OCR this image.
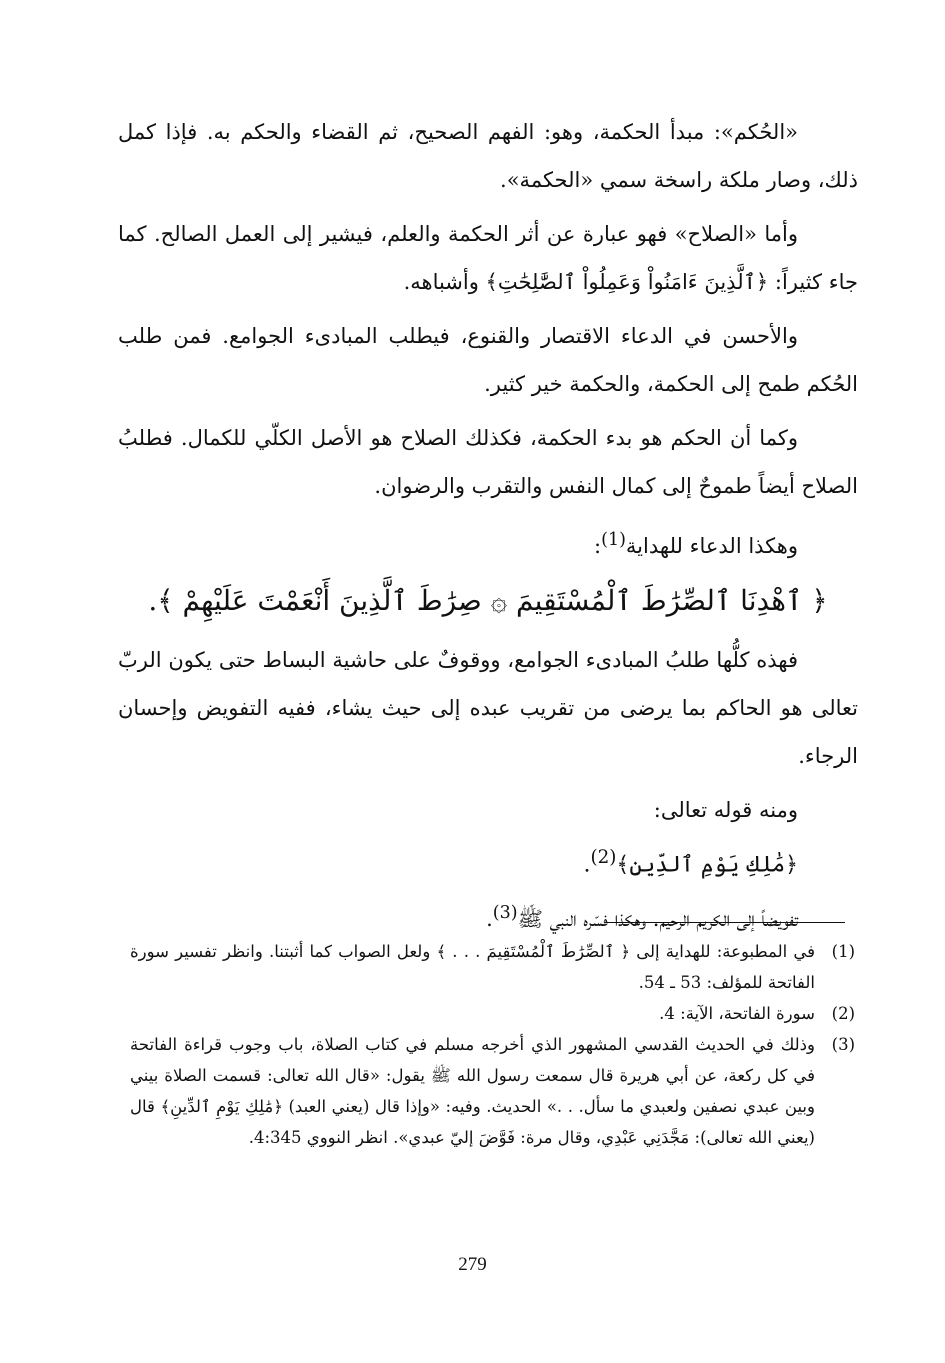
«الحُكم»: مبدأ الحكمة، وهو: الفهم الصحيح، ثم القضاء والحكم به. فإذا كمل ذلك، وصار ملكة راسخة سمي «الحكمة».

وأما «الصلاح» فهو عبارة عن أثر الحكمة والعلم، فيشير إلى العمل الصالح. كما جاء كثيراً: ﴿ٱلَّذِينَ ءَامَنُواْ وَعَمِلُواْ ٱلصَّٰلِحَٰتِ﴾ وأشباهه.

والأحسن في الدعاء الاقتصار والقنوع، فيطلب المبادىء الجوامع. فمن طلب الحُكم طمح إلى الحكمة، والحكمة خير كثير.

وكما أن الحكم هو بدء الحكمة، فكذلك الصلاح هو الأصل الكلّي للكمال. فطلبُ الصلاح أيضاً طموحٌ إلى كمال النفس والتقرب والرضوان.

وهكذا الدعاء للهداية$^{(1)}$:

﴿ ٱهْدِنَا ٱلصِّرَٰطَ ٱلْمُسْتَقِيمَ ۞ صِرَٰطَ ٱلَّذِينَ أَنْعَمْتَ عَلَيْهِمْ ﴾.

فهذه كلُّها طلبُ المبادىء الجوامع، ووقوفٌ على حاشية البساط حتى يكون الربّ تعالى هو الحاكم بما يرضى من تقريب عبده إلى حيث يشاء، ففيه التفويض وإحسان الرجاء.

ومنه قوله تعالى:

﴿مَٰلِكِ يَوْمِ ٱلدِّينِ﴾$^{(2)}$.

تفويضاً إلى الكريم الرحيم. وهكذا فسّره النبي ﷺ$^{(3)}$.

(1)
في المطبوعة: للهداية إلى ﴿ ٱلصِّرَٰطَ ٱلْمُسْتَقِيمَ . . . ﴾ ولعل الصواب كما أثبتنا. وانظر تفسير سورة الفاتحة للمؤلف: 53 ـ 54.
(2)
سورة الفاتحة، الآية: 4.
(3)
وذلك في الحديث القدسي المشهور الذي أخرجه مسلم في كتاب الصلاة، باب وجوب قراءة الفاتحة في كل ركعة، عن أبي هريرة قال سمعت رسول الله ﷺ يقول: «قال الله تعالى: قسمت الصلاة بيني وبين عبدي نصفين ولعبدي ما سأل. . .» الحديث. وفيه: «وإذا قال (يعني العبد) ﴿مَٰلِكِ يَوْمِ ٱلدِّينِ﴾ قال (يعني الله تعالى): مَجَّدَنِي عَبْدِي، وقال مرة: فَوَّضَ إليّ عبدي». انظر النووي 4:345.
279
